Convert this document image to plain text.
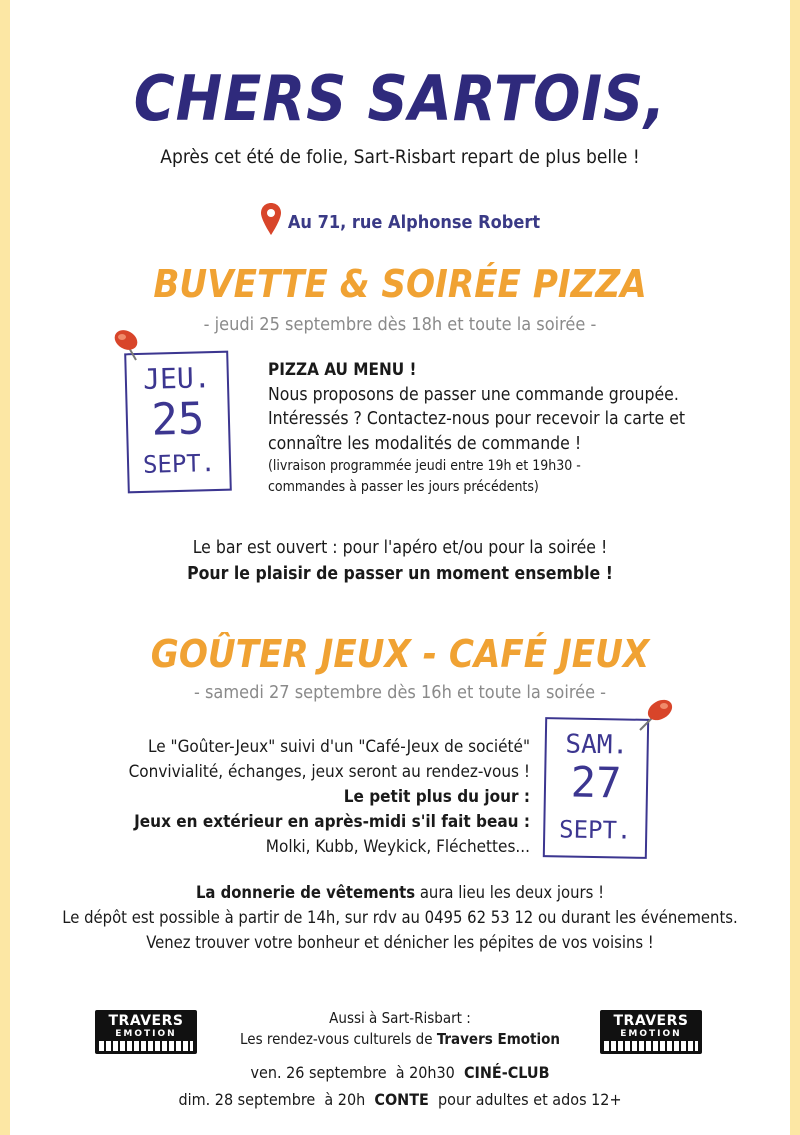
CHERS SARTOIS,
Après cet été de folie, Sart-Risbart repart de plus belle !
Au 71, rue Alphonse Robert
BUVETTE & SOIRÉE PIZZA
- jeudi 25 septembre dès 18h et toute la soirée -
JEU.
25
SEPT.
PIZZA AU MENU !
Nous proposons de passer une commande groupée.
Intéressés ? Contactez-nous pour recevoir la carte et
connaître les modalités de commande !
(livraison programmée jeudi entre 19h et 19h30 -
commandes à passer les jours précédents)
Le bar est ouvert : pour l'apéro et/ou pour la soirée !
Pour le plaisir de passer un moment ensemble !
GOÛTER JEUX - CAFÉ JEUX
- samedi 27 septembre dès 16h et toute la soirée -
SAM.
27
SEPT.
Le "Goûter-Jeux" suivi d'un "Café-Jeux de société"
Convivialité, échanges, jeux seront au rendez-vous !
Le petit plus du jour :
Jeux en extérieur en après-midi s'il fait beau :
Molki, Kubb, Weykick, Fléchettes...
La donnerie de vêtements aura lieu les deux jours !
Le dépôt est possible à partir de 14h, sur rdv au 0495 62 53 12 ou durant les événements.
Venez trouver votre bonheur et dénicher les pépites de vos voisins !
TRAVERS
EMOTION
TRAVERS
EMOTION
Aussi à Sart-Risbart :
Les rendez-vous culturels de Travers Emotion
ven. 26 septembre  à 20h30  CINÉ-CLUB
dim. 28 septembre  à 20h  CONTE  pour adultes et ados 12+
